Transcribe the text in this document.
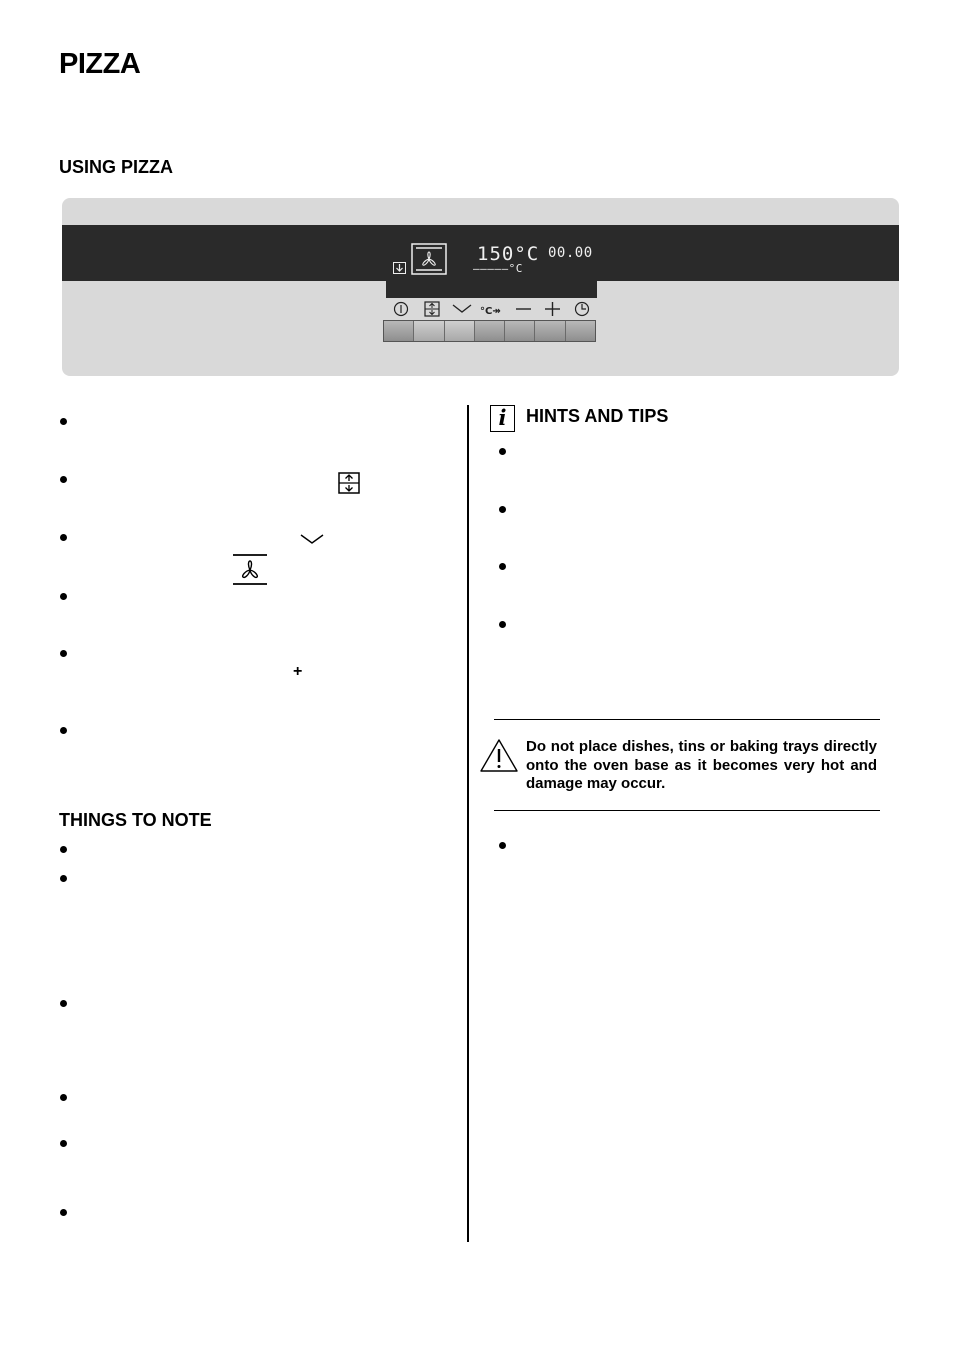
PIZZA
USING PIZZA
150°C 00.00
–––––°C
°C↠
+
THINGS TO NOTE
i	HINTS AND TIPS
Do not place dishes, tins or baking trays directly onto the oven base as it becomes very hot and damage may occur.
